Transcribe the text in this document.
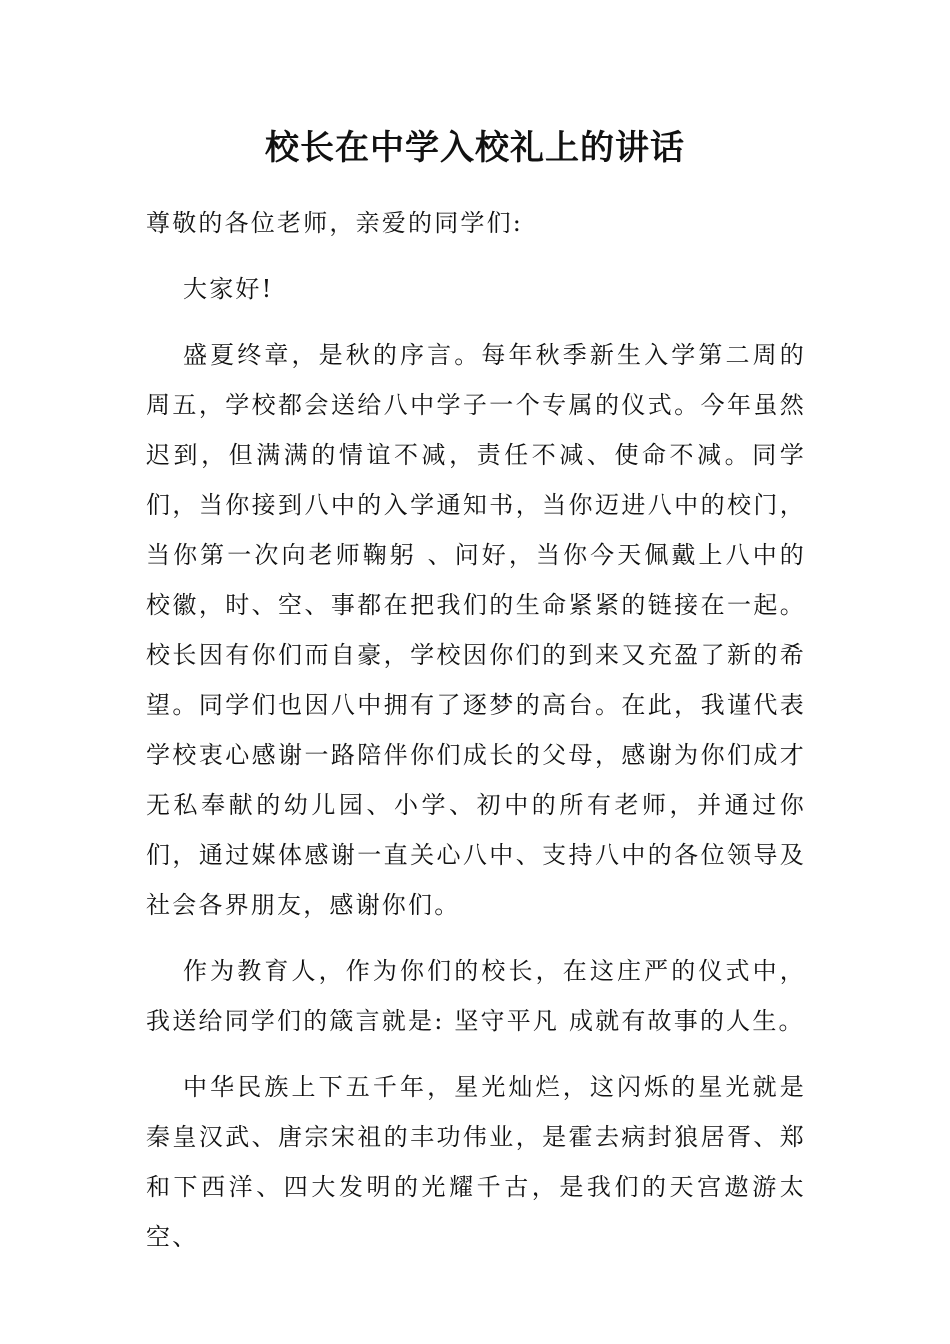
校长在中学入校礼上的讲话

尊敬的各位老师，亲爱的同学们:

大家好!

盛夏终章，是秋的序言。每年秋季新生入学第二周的周五，学校都会送给八中学子一个专属的仪式。今年虽然迟到，但满满的情谊不减，责任不减、使命不减。同学们，当你接到八中的入学通知书，当你迈进八中的校门，当你第一次向老师鞠躬 、问好，当你今天佩戴上八中的校徽，时、空、事都在把我们的生命紧紧的链接在一起。校长因有你们而自豪，学校因你们的到来又充盈了新的希望。同学们也因八中拥有了逐梦的高台。在此，我谨代表学校衷心感谢一路陪伴你们成长的父母，感谢为你们成才无私奉献的幼儿园、小学、初中的所有老师，并通过你们，通过媒体感谢一直关心八中、支持八中的各位领导及社会各界朋友，感谢你们。

作为教育人，作为你们的校长，在这庄严的仪式中，我送给同学们的箴言就是: 坚守平凡 成就有故事的人生。

中华民族上下五千年，星光灿烂，这闪烁的星光就是秦皇汉武、唐宗宋祖的丰功伟业，是霍去病封狼居胥、郑和下西洋、四大发明的光耀千古，是我们的天宫遨游太空、
